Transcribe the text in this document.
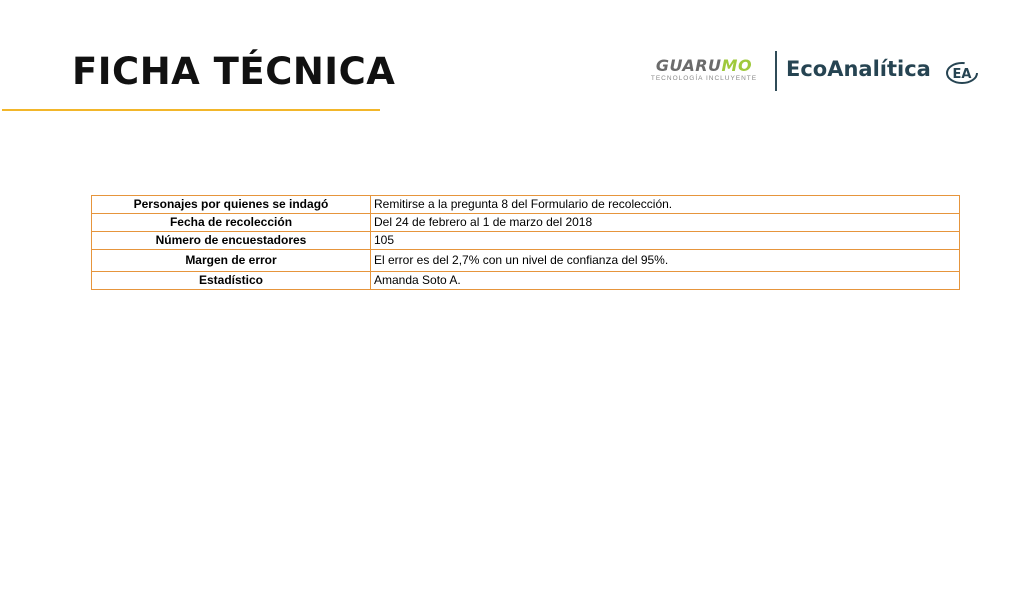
FICHA TÉCNICA	GUARUMO
TECNOLOGÍA INCLUYENTE	EcoAnalítica EA
Personajes por quienes se indagó	Remitirse a la pregunta 8 del Formulario de recolección.
Fecha de recolección	Del 24 de febrero al 1 de marzo del 2018
Número de encuestadores	105
Margen de error	El error es del 2,7% con un nivel de confianza del 95%.
Estadístico	Amanda Soto A.
